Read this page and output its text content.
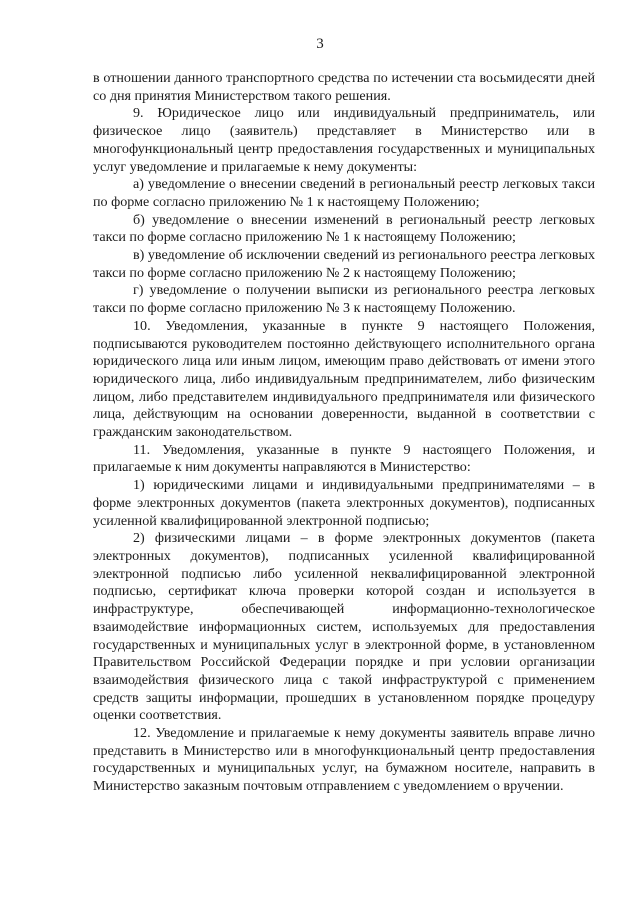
3

в отношении данного транспортного средства по истечении ста восьмидесяти дней со дня принятия Министерством такого решения.

9. Юридическое лицо или индивидуальный предприниматель, или физическое лицо (заявитель) представляет в Министерство или в многофункциональный центр предоставления государственных и муниципальных услуг уведомление и прилагаемые к нему документы:

а) уведомление о внесении сведений в региональный реестр легковых такси по форме согласно приложению № 1 к настоящему Положению;

б) уведомление о внесении изменений в региональный реестр легковых такси по форме согласно приложению № 1 к настоящему Положению;

в) уведомление об исключении сведений из регионального реестра легковых такси по форме согласно приложению № 2 к настоящему Положению;

г) уведомление о получении выписки из регионального реестра легковых такси по форме согласно приложению № 3 к настоящему Положению.

10. Уведомления, указанные в пункте 9 настоящего Положения, подписываются руководителем постоянно действующего исполнительного органа юридического лица или иным лицом, имеющим право действовать от имени этого юридического лица, либо индивидуальным предпринимателем, либо физическим лицом, либо представителем индивидуального предпринимателя или физического лица, действующим на основании доверенности, выданной в соответствии с гражданским законодательством.

11. Уведомления, указанные в пункте 9 настоящего Положения, и прилагаемые к ним документы направляются в Министерство:

1) юридическими лицами и индивидуальными предпринимателями – в форме электронных документов (пакета электронных документов), подписанных усиленной квалифицированной электронной подписью;

2) физическими лицами – в форме электронных документов (пакета электронных документов), подписанных усиленной квалифицированной электронной подписью либо усиленной неквалифицированной электронной подписью, сертификат ключа проверки которой создан и используется в инфраструктуре, обеспечивающей информационно-технологическое взаимодействие информационных систем, используемых для предоставления государственных и муниципальных услуг в электронной форме, в установленном Правительством Российской Федерации порядке и при условии организации взаимодействия физического лица с такой инфраструктурой с применением средств защиты информации, прошедших в установленном порядке процедуру оценки соответствия.

12. Уведомление и прилагаемые к нему документы заявитель вправе лично представить в Министерство или в многофункциональный центр предоставления государственных и муниципальных услуг, на бумажном носителе, направить в Министерство заказным почтовым отправлением с уведомлением о вручении.
